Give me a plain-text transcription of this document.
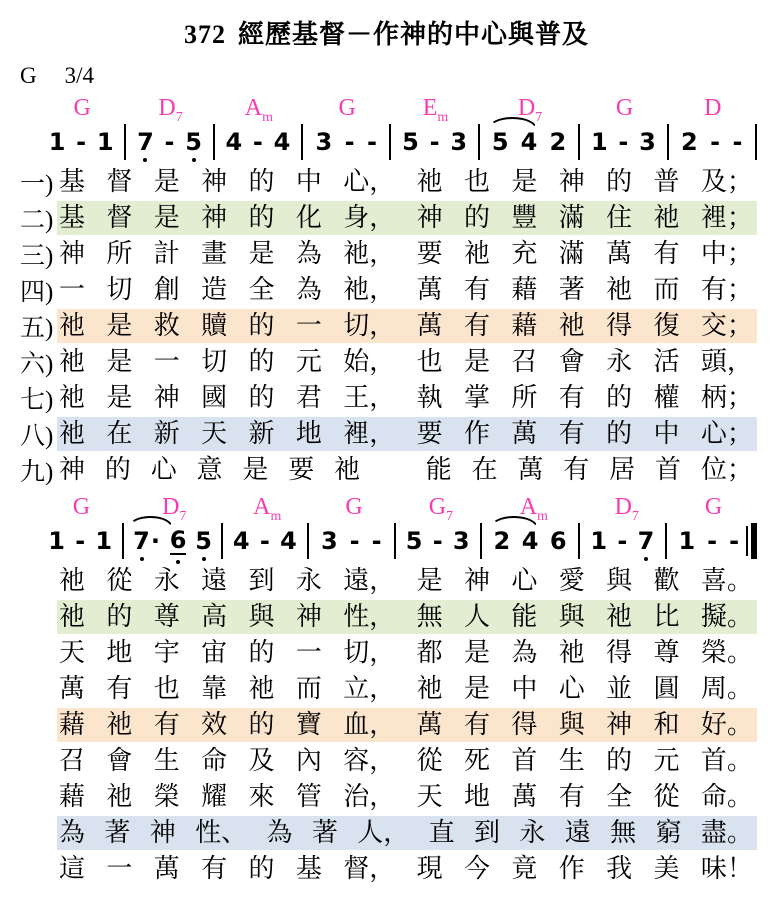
372 經歷基督－作神的中心與普及
G 3/4
G	$D_7$	$A_m$	G	$E_m$	$D_7$	G	D
1 - 1 7 - 5 4 - 4 3 - - 5 - 3 5 4 2 1 - 3 2 - -
一) 基 督 是 神 的 中 心， 祂 也 是 神 的 普 及；
二) 基 督 是 神 的 化 身， 神 的 豐 滿 住 祂 裡；
三) 神 所 計 畫 是 為 祂， 要 祂 充 滿 萬 有 中；
四) 一 切 創 造 全 為 祂， 萬 有 藉 著 祂 而 有；
五) 祂 是 救 贖 的 一 切， 萬 有 藉 祂 得 復 交；
六) 祂 是 一 切 的 元 始， 也 是 召 會 永 活 頭，
七) 祂 是 神 國 的 君 王， 執 掌 所 有 的 權 柄；
八) 祂 在 新 天 新 地 裡， 要 作 萬 有 的 中 心；
九) 神 的 心 意 是 要 祂
　	能 在 萬 有 居 首 位；
G	$D_7$	$A_m$	G	$G_7$	$A_m$	$D_7$	G
1 - 1 7 · 6 5 4 - 4 3 - - 5 - 3 2 4 6 1 - 7 1 - -
祂 從 永 遠 到 永 遠， 是 神 心 愛 與 歡 喜。
祂 的 尊 高 與 神 性， 無 人 能 與 祂 比 擬。
天 地 宇 宙 的 一 切， 都 是 為 祂 得 尊 榮。
萬 有 也 靠 祂 而 立， 祂 是 中 心 並 圓 周。
藉 祂 有 效 的 寶 血， 萬 有 得 與 神 和 好。
召 會 生 命 及 內 容， 從 死 首 生 的 元 首。
藉 祂 榮 耀 來 管 治， 天 地 萬 有 全 從 命。
為 著 神 性、 為 著 人， 直 到 永 遠 無 窮 盡。
這 一 萬 有 的 基 督， 現 今 竟 作 我 美 味！
